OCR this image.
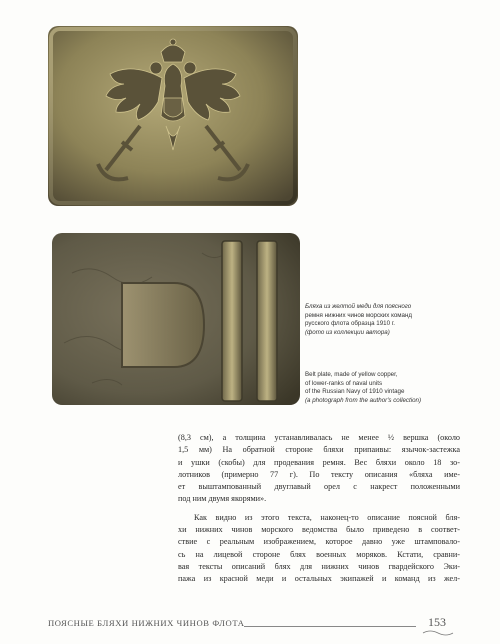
Бляха из желтой меди для поясного
ремня нижних чинов морских команд
русского флота образца 1910 г.
(фото из коллекции автора)
Belt plate, made of yellow copper,
of lower-ranks of naval units
of the Russian Navy of 1910 vintage
(a photograph from the author's collection)
(8,3 см), а толщина устанавливалась не менее ½ вершка (около
1,5 мм) На обратной стороне бляхи припаивы: язычок-застежка
и ушки (скобы) для продевания ремня. Вес бляхи около 18 зо-
лотников (примерно 77 г). По тексту описания «бляха име-
ет выштампованный двуглавый орел с накрест положенными
под ним двумя якорями».
Как видно из этого текста, наконец-то описание поясной бля-
хи нижних чинов морского ведомства было приведено в соответ-
ствие с реальным изображением, которое давно уже штамповало-
сь на лицевой стороне блях военных моряков. Кстати, сравни-
вая тексты описаний блях для нижних чинов гвардейского Эки-
пажа из красной меди и остальных экипажей и команд из жел-
ПОЯСНЫЕ БЛЯХИ НИЖНИХ ЧИНОВ ФЛОТА	153
